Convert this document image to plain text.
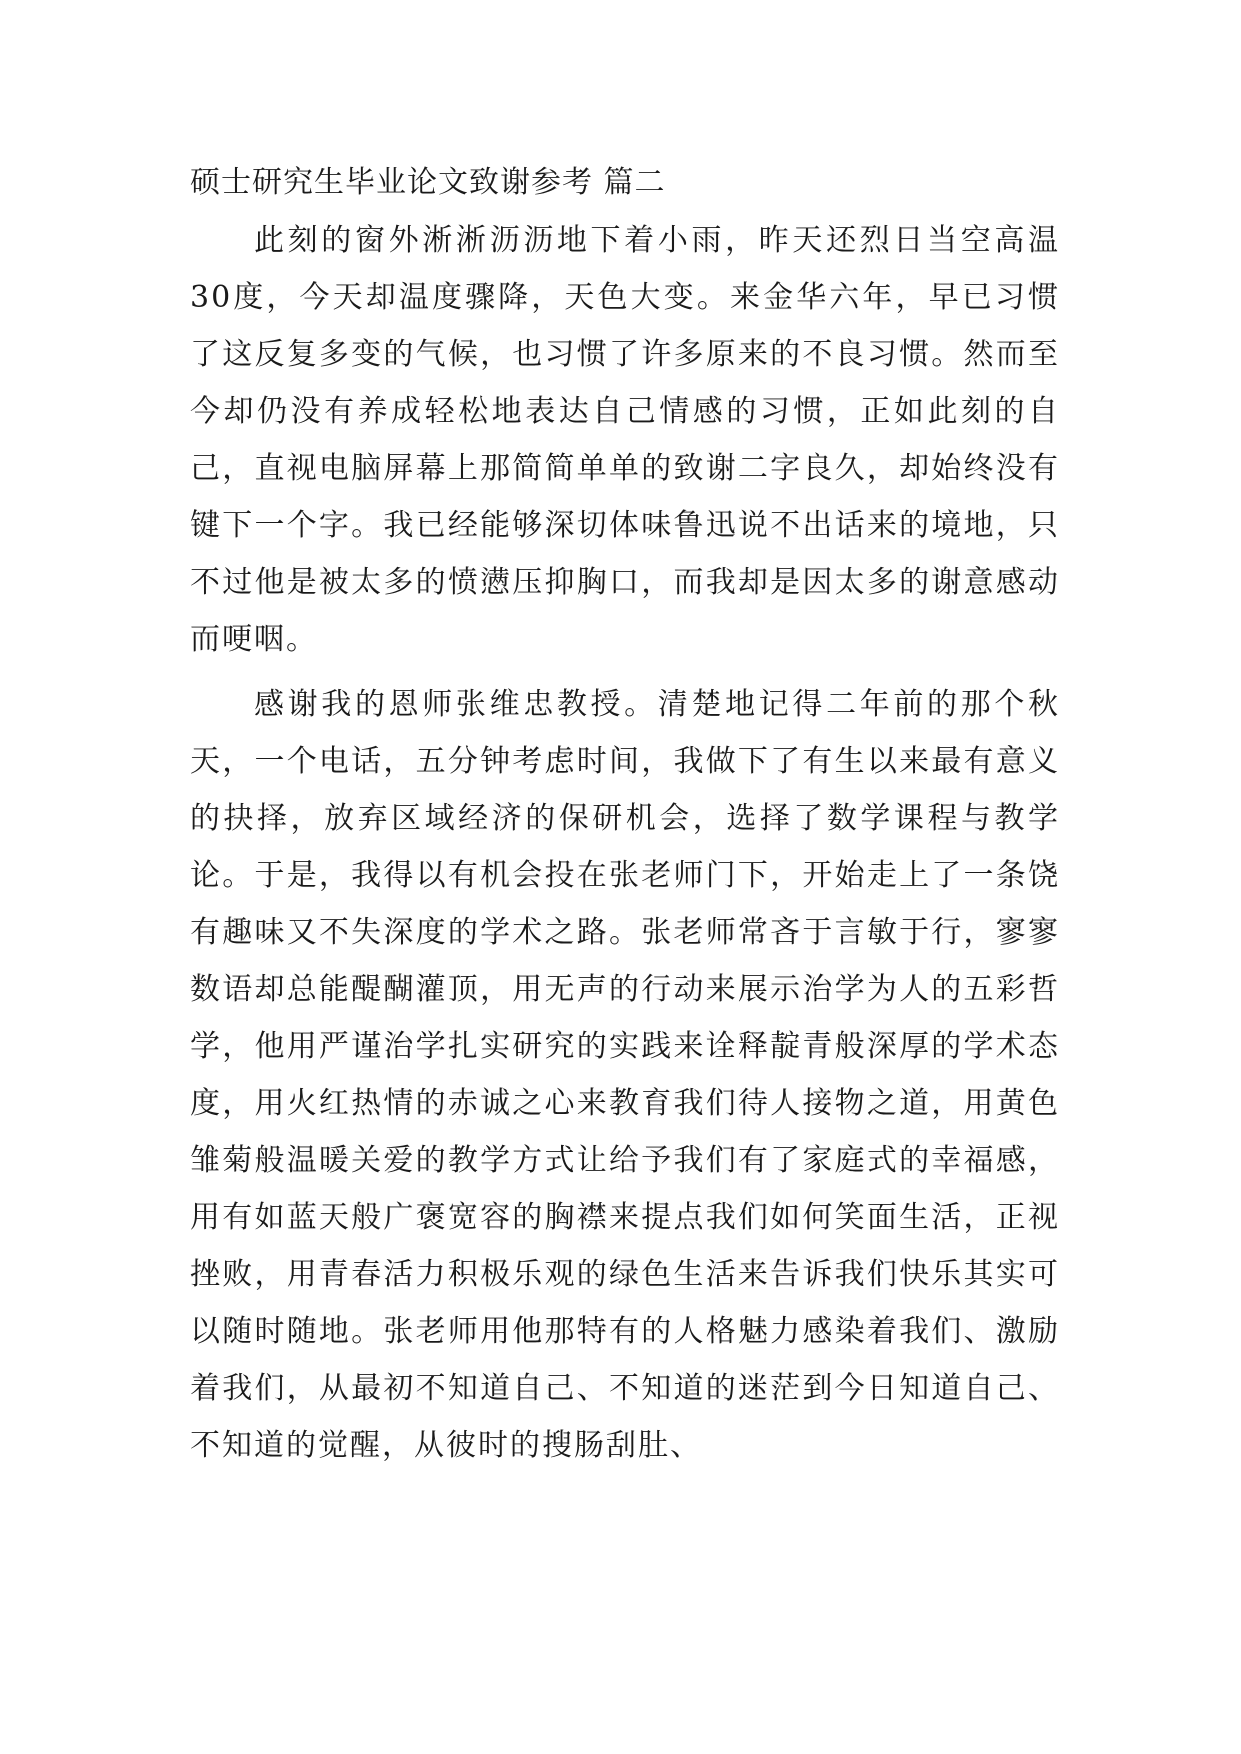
硕士研究生毕业论文致谢参考 篇二

此刻的窗外淅淅沥沥地下着小雨，昨天还烈日当空高温30度，今天却温度骤降，天色大变。来金华六年，早已习惯了这反复多变的气候，也习惯了许多原来的不良习惯。然而至今却仍没有养成轻松地表达自己情感的习惯，正如此刻的自己，直视电脑屏幕上那简简单单的致谢二字良久，却始终没有键下一个字。我已经能够深切体味鲁迅说不出话来的境地，只不过他是被太多的愤懑压抑胸口，而我却是因太多的谢意感动而哽咽。

感谢我的恩师张维忠教授。清楚地记得二年前的那个秋天，一个电话，五分钟考虑时间，我做下了有生以来最有意义的抉择，放弃区域经济的保研机会，选择了数学课程与教学论。于是，我得以有机会投在张老师门下，开始走上了一条饶有趣味又不失深度的学术之路。张老师常吝于言敏于行，寥寥数语却总能醍醐灌顶，用无声的行动来展示治学为人的五彩哲学，他用严谨治学扎实研究的实践来诠释靛青般深厚的学术态度，用火红热情的赤诚之心来教育我们待人接物之道，用黄色雏菊般温暖关爱的教学方式让给予我们有了家庭式的幸福感，用有如蓝天般广褒宽容的胸襟来提点我们如何笑面生活，正视挫败，用青春活力积极乐观的绿色生活来告诉我们快乐其实可以随时随地。张老师用他那特有的人格魅力感染着我们、激励着我们，从最初不知道自己、不知道的迷茫到今日知道自己、不知道的觉醒，从彼时的搜肠刮肚、
